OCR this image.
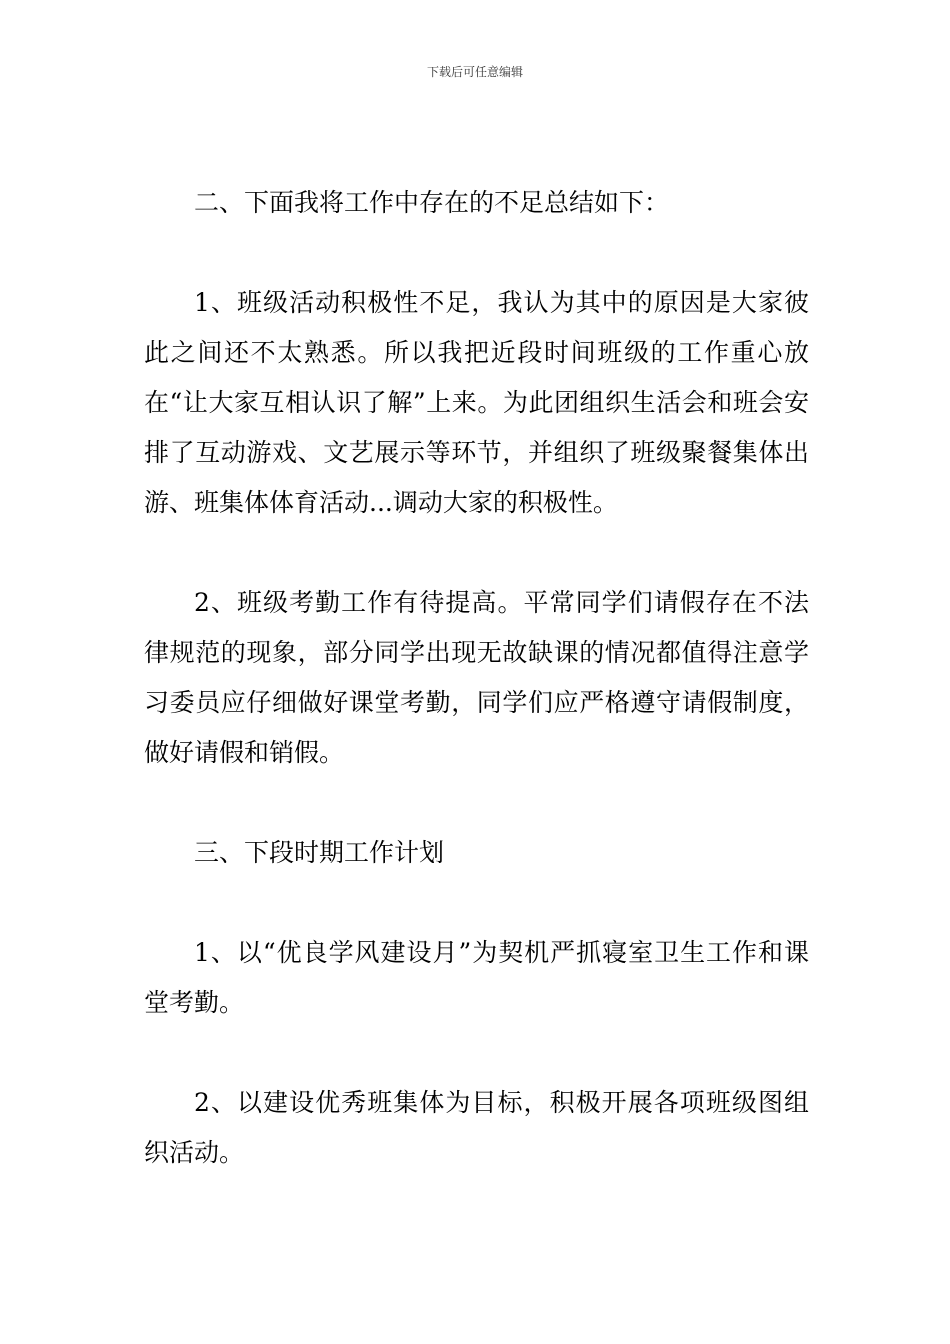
下载后可任意编辑

二、下面我将工作中存在的不足总结如下：

1、班级活动积极性不足，我认为其中的原因是大家彼此之间还不太熟悉。所以我把近段时间班级的工作重心放在“让大家互相认识了解”上来。为此团组织生活会和班会安排了互动游戏、文艺展示等环节，并组织了班级聚餐集体出游、班集体体育活动...调动大家的积极性。

2、班级考勤工作有待提高。平常同学们请假存在不法律规范的现象，部分同学出现无故缺课的情况都值得注意学习委员应仔细做好课堂考勤，同学们应严格遵守请假制度，做好请假和销假。

三、下段时期工作计划

1、以“优良学风建设月”为契机严抓寝室卫生工作和课堂考勤。

2、以建设优秀班集体为目标，积极开展各项班级图组织活动。
